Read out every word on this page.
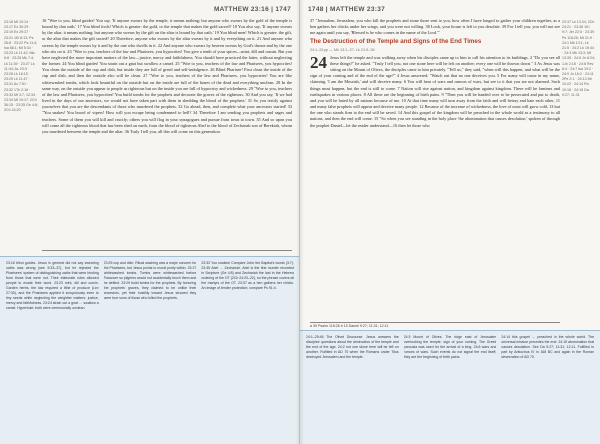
MATTHEW 23:16 | 1747
23:16 Mt 15:14 · 23:17 Ex 30:29 · 23:19 Ex 29:37 · 23:21 1Ki 8:13; Ps 26:8 · 23:22 Ps 11:4; Isa 66:1; Mt 5:34 · 23:23 Lk 11:42; Mic 6:8 · 23:25 Mk 7:4; Lk 11:39 · 23:27 Lk 11:44; Ac 23:3 · 23:28 Lk 16:15 · 23:29 Lk 11:47 · 23:31 Ac 7:51 · 23:32 1Th 2:16 · 23:33 Mt 3:7; 12:34 · 23:34 Mt 10:17; 2Ch 36:15 · 23:35 Ge 4:8; 2Ch 24:20

16 "Woe to you, blind guides! You say, 'If anyone swears by the temple, it means nothing; but anyone who swears by the gold of the temple is bound by that oath.' 17 You blind fools! Which is greater: the gold, or the temple that makes the gold sacred? 18 You also say, 'If anyone swears by the altar, it means nothing; but anyone who swears by the gift on the altar is bound by that oath.' 19 You blind men! Which is greater: the gift, or the altar that makes the gift sacred? 20 Therefore, anyone who swears by the altar swears by it and by everything on it. 21 And anyone who swears by the temple swears by it and by the one who dwells in it. 22 And anyone who swears by heaven swears by God's throne and by the one who sits on it. 23 "Woe to you, teachers of the law and Pharisees, you hypocrites! You give a tenth of your spices—mint, dill and cumin. But you have neglected the more important matters of the law—justice, mercy and faithfulness. You should have practiced the latter, without neglecting the former. 24 You blind guides! You strain out a gnat but swallow a camel. 25 "Woe to you, teachers of the law and Pharisees, you hypocrites! You clean the outside of the cup and dish, but inside they are full of greed and self-indulgence. 26 Blind Pharisee! First clean the inside of the cup and dish, and then the outside also will be clean. 27 "Woe to you, teachers of the law and Pharisees, you hypocrites! You are like whitewashed tombs, which look beautiful on the outside but on the inside are full of the bones of the dead and everything unclean. 28 In the same way, on the outside you appear to people as righteous but on the inside you are full of hypocrisy and wickedness. 29 "Woe to you, teachers of the law and Pharisees, you hypocrites! You build tombs for the prophets and decorate the graves of the righteous. 30 And you say, 'If we had lived in the days of our ancestors, we would not have taken part with them in shedding the blood of the prophets.' 31 So you testify against yourselves that you are the descendants of those who murdered the prophets. 32 Go ahead, then, and complete what your ancestors started! 33 "You snakes! You brood of vipers! How will you escape being condemned to hell? 34 Therefore I am sending you prophets and sages and teachers. Some of them you will kill and crucify; others you will flog in your synagogues and pursue from town to town. 35 And so upon you will come all the righteous blood that has been shed on earth, from the blood of righteous Abel to the blood of Zechariah son of Berekiah, whom you murdered between the temple and the altar. 36 Truly I tell you, all this will come on this generation.

23:16 blind guides. Jesus in general did not say swearing oaths was wrong (see 5:33–37), but he rejected the Pharisees' system of distinguishing oaths that were binding from those that were not. Their elaborate rules allowed people to evade their word. 23:23 mint, dill and cumin. Garden herbs; the law required a tithe of produce (Lev 27:30), and the Pharisees applied it scrupulously even to tiny seeds while neglecting the weightier matters: justice, mercy and faithfulness. 23:24 strain out a gnat … swallow a camel. Hyperbole; both were ceremonially unclean.
23:25 cup and dish. Ritual washing was a major concern for the Pharisees, but Jesus points to moral purity within. 23:27 whitewashed tombs. Tombs were whitewashed before Passover so pilgrims would not accidentally touch them and be defiled. 23:29 build tombs for the prophets. By honoring the prophets' graves, they claimed to be unlike their ancestors, yet their hostility toward Jesus showed they were true sons of those who killed the prophets.
23:33 You snakes! Compare John the Baptist's words (3:7). 23:35 Abel … Zechariah. Abel is the first murder recorded in Scripture (Ge 4:8) and Zechariah the last in the Hebrew ordering of the OT (2Ch 24:20–22), so the phrase covers all the martyrs of the OT. 23:37 as a hen gathers her chicks. An image of tender protection; compare Ps 91:4.
1748 | MATTHEW 23:37
23:37 Lk 13:34; 2Ch 24:21 · 23:38 1Ki 9:7; Jer 22:5 · 23:39 Ps 118:26; Mt 21:9 · 24:1 Mk 13:1; Lk 21:5 · 24:2 Lk 19:44 · 24:3 Mk 13:3; Mt 13:39 · 24:5 Jn 8:24; 1Jn 2:18 · 24:6 Rev 6:4 · 24:7 Isa 19:2 · 24:9 Jn 16:2 · 24:11 2Pe 2:1 · 24:13 Mt 10:22 · 24:14 Ro 10:18 · 24:15 Da 9:27; 11:31

37 "Jerusalem, Jerusalem, you who kill the prophets and stone those sent to you, how often I have longed to gather your children together, as a hen gathers her chicks under her wings, and you were not willing. 38 Look, your house is left to you desolate. 39 For I tell you, you will not see me again until you say, 'Blessed is he who comes in the name of the Lord.'"

The Destruction of the Temple and Signs of the End Times
24:1–51pp — Mk 13:1–37; Lk 21:5–36

24 Jesus left the temple and was walking away when his disciples came up to him to call his attention to its buildings. 2 "Do you see all these things?" he asked. "Truly I tell you, not one stone here will be left on another; every one will be thrown down." 3 As Jesus was sitting on the Mount of Olives, the disciples came to him privately. "Tell us," they said, "when will this happen, and what will be the sign of your coming and of the end of the age?" 4 Jesus answered: "Watch out that no one deceives you. 5 For many will come in my name, claiming, 'I am the Messiah,' and will deceive many. 6 You will hear of wars and rumors of wars, but see to it that you are not alarmed. Such things must happen, but the end is still to come. 7 Nation will rise against nation, and kingdom against kingdom. There will be famines and earthquakes in various places. 8 All these are the beginning of birth pains. 9 "Then you will be handed over to be persecuted and put to death, and you will be hated by all nations because of me. 10 At that time many will turn away from the faith and will betray and hate each other, 11 and many false prophets will appear and deceive many people. 12 Because of the increase of wickedness, the love of most will grow cold, 13 but the one who stands firm to the end will be saved. 14 And this gospel of the kingdom will be preached in the whole world as a testimony to all nations, and then the end will come. 15 "So when you see standing in the holy place 'the abomination that causes desolation,' spoken of through the prophet Daniel—let the reader understand—16 then let those who

a 39 Psalm 118:26 b 15 Daniel 9:27; 11:31; 12:11
24:1–25:46 The Olivet Discourse. Jesus answers the disciples' questions about the destruction of the temple and the end of the age. 24:2 not one stone here will be left on another. Fulfilled in AD 70 when the Romans under Titus destroyed Jerusalem and the temple.
24:3 Mount of Olives. The ridge east of Jerusalem overlooking the temple. sign of your coming. The Greek parousia was used for the arrival of a king. 24:6 wars and rumors of wars. Such events do not signal the end itself; they are the beginning of birth pains.
24:14 this gospel … preached in the whole world. The universal mission precedes the end. 24:15 abomination that causes desolation. See Da 9:27; 11:31; 12:11. Fulfilled in part by Antiochus IV in 168 BC and again in the Roman desecration of AD 70.
